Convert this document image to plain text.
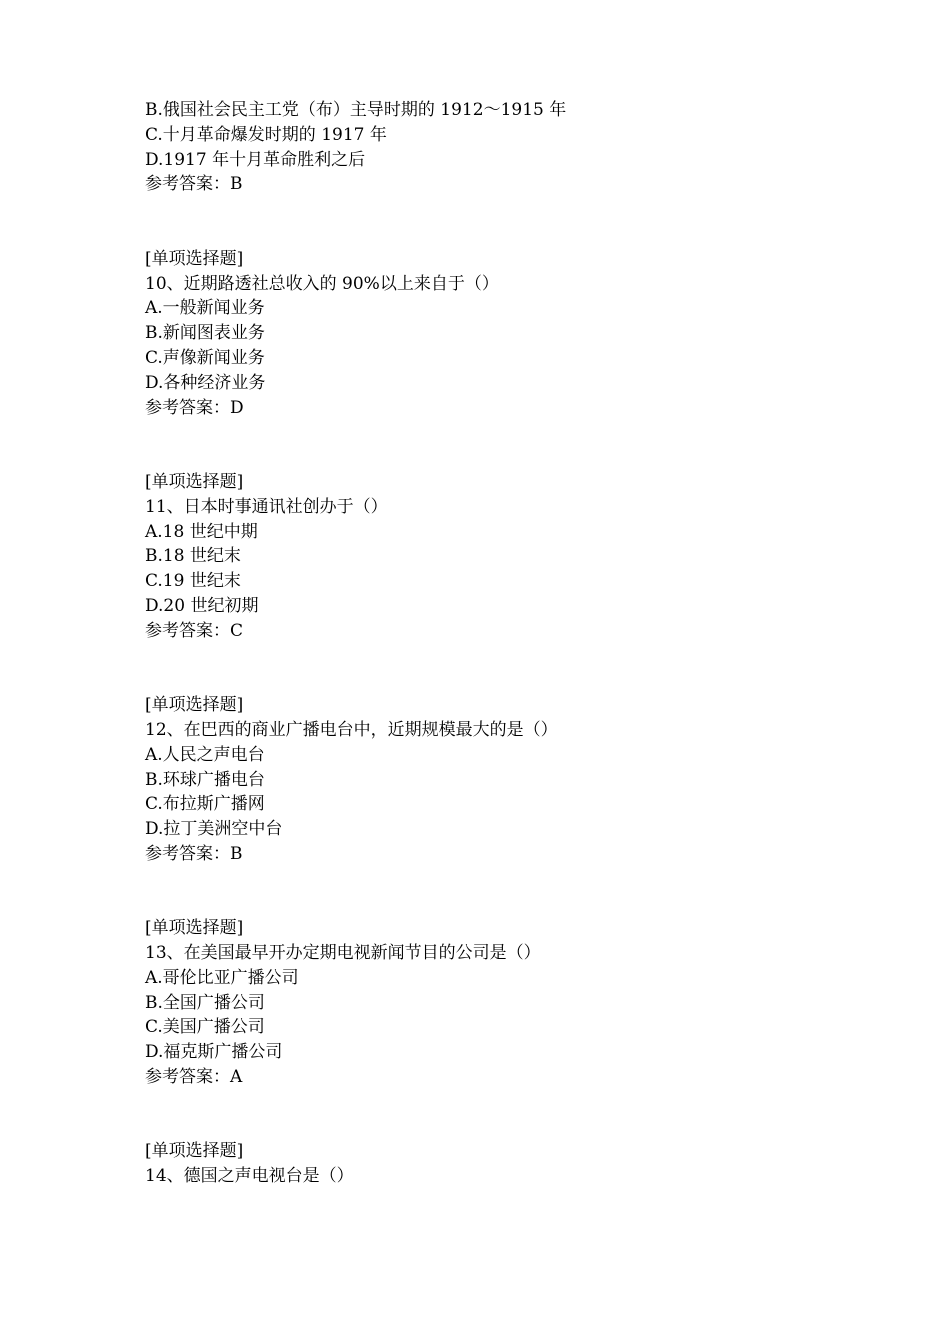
B.俄国社会民主工党（布）主导时期的 1912～1915 年
C.十月革命爆发时期的 1917 年
D.1917 年十月革命胜利之后
参考答案：B
[单项选择题]
10、近期路透社总收入的 90%以上来自于（）
A.一般新闻业务
B.新闻图表业务
C.声像新闻业务
D.各种经济业务
参考答案：D
[单项选择题]
11、日本时事通讯社创办于（）
A.18 世纪中期
B.18 世纪末
C.19 世纪末
D.20 世纪初期
参考答案：C
[单项选择题]
12、在巴西的商业广播电台中，近期规模最大的是（）
A.人民之声电台
B.环球广播电台
C.布拉斯广播网
D.拉丁美洲空中台
参考答案：B
[单项选择题]
13、在美国最早开办定期电视新闻节目的公司是（）
A.哥伦比亚广播公司
B.全国广播公司
C.美国广播公司
D.福克斯广播公司
参考答案：A
[单项选择题]
14、德国之声电视台是（）
